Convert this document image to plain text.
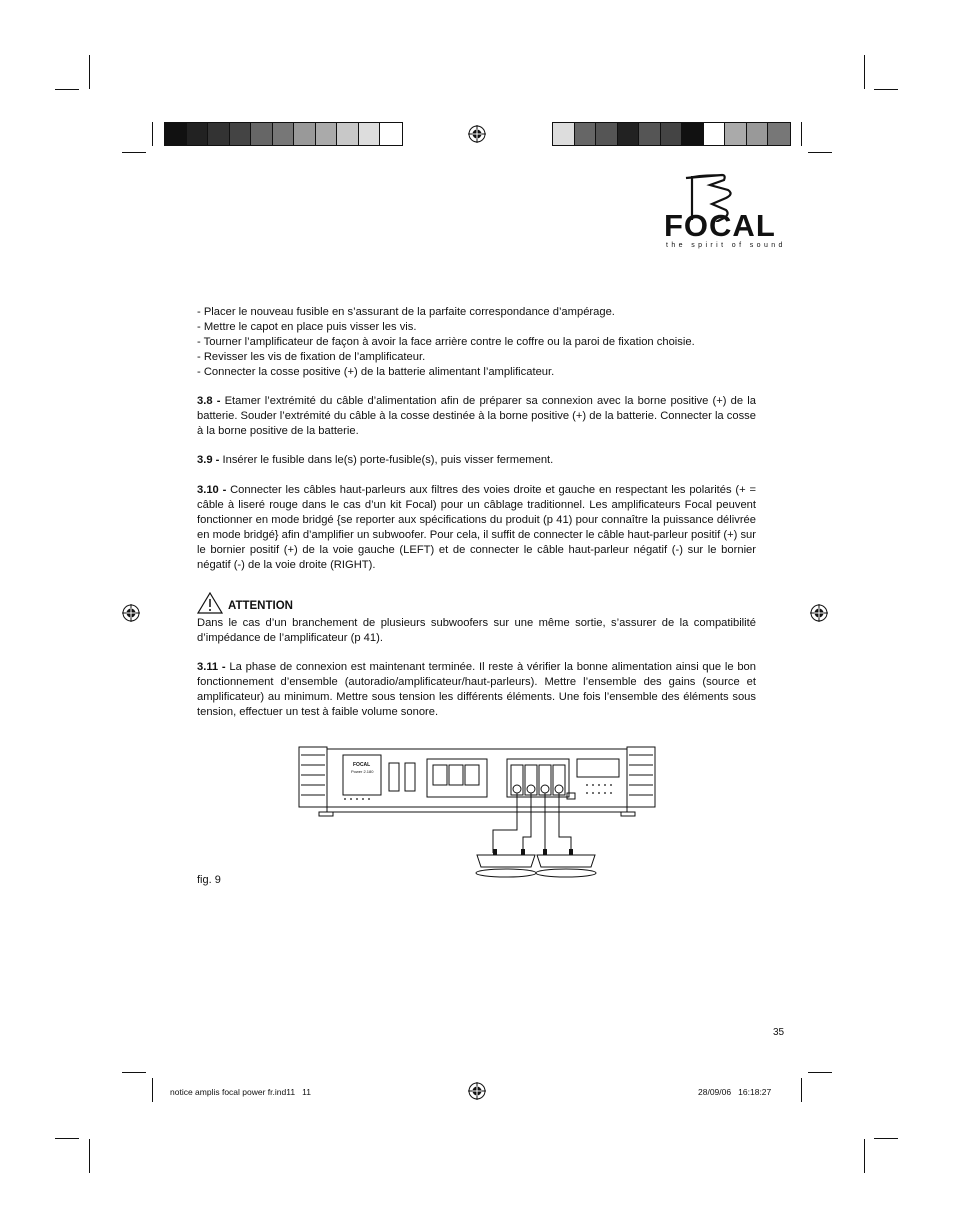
FOCAL
the spirit of sound

- Placer le nouveau fusible en s’assurant de la parfaite correspondance d’ampérage.

- Mettre le capot en place puis visser les vis.

- Tourner l’amplificateur de façon à avoir la face arrière contre le coffre ou la paroi de fixation choisie.

- Revisser les vis de fixation de l’amplificateur.

- Connecter la cosse positive (+) de la batterie alimentant l’amplificateur.

3.8 - Etamer l’extrémité du câble d’alimentation afin de préparer sa connexion avec la borne positive (+) de la batterie. Souder l’extrémité du câble à la cosse destinée à la borne positive (+) de la batterie. Connecter la cosse à la borne positive de la batterie.

3.9 - Insérer le fusible dans le(s) porte-fusible(s), puis visser fermement.

3.10 - Connecter les câbles haut-parleurs aux filtres des voies droite et gauche en respectant les polarités (+ = câble à liseré rouge dans le cas d’un kit Focal) pour un câblage traditionnel. Les amplificateurs Focal peuvent fonctionner en mode bridgé {se reporter aux spécifications du produit (p 41) pour connaître la puissance délivrée en mode bridgé} afin d’amplifier un subwoofer. Pour cela, il suffit de connecter le câble haut-parleur positif (+) sur le bornier positif (+) de la voie gauche (LEFT) et de connecter le câble haut-parleur négatif (-) sur le bornier négatif (-) de la voie droite (RIGHT).

ATTENTION
Dans le cas d’un branchement de plusieurs subwoofers sur une même sortie, s’assurer de la compatibilité d’impédance de l’amplificateur (p 41).

3.11 - La phase de connexion est maintenant terminée. Il reste à vérifier la bonne alimentation ainsi que le bon fonctionnement d’ensemble (autoradio/amplificateur/haut-parleurs). Mettre l’ensemble des gains (source et amplificateur) au minimum. Mettre sous tension les différents éléments. Une fois l’ensemble des éléments sous tension, effectuer un test à faible volume sonore.

FOCAL
Power 2.180
fig. 9
35
notice amplis focal power fr.ind11   11	28/09/06   16:18:27
